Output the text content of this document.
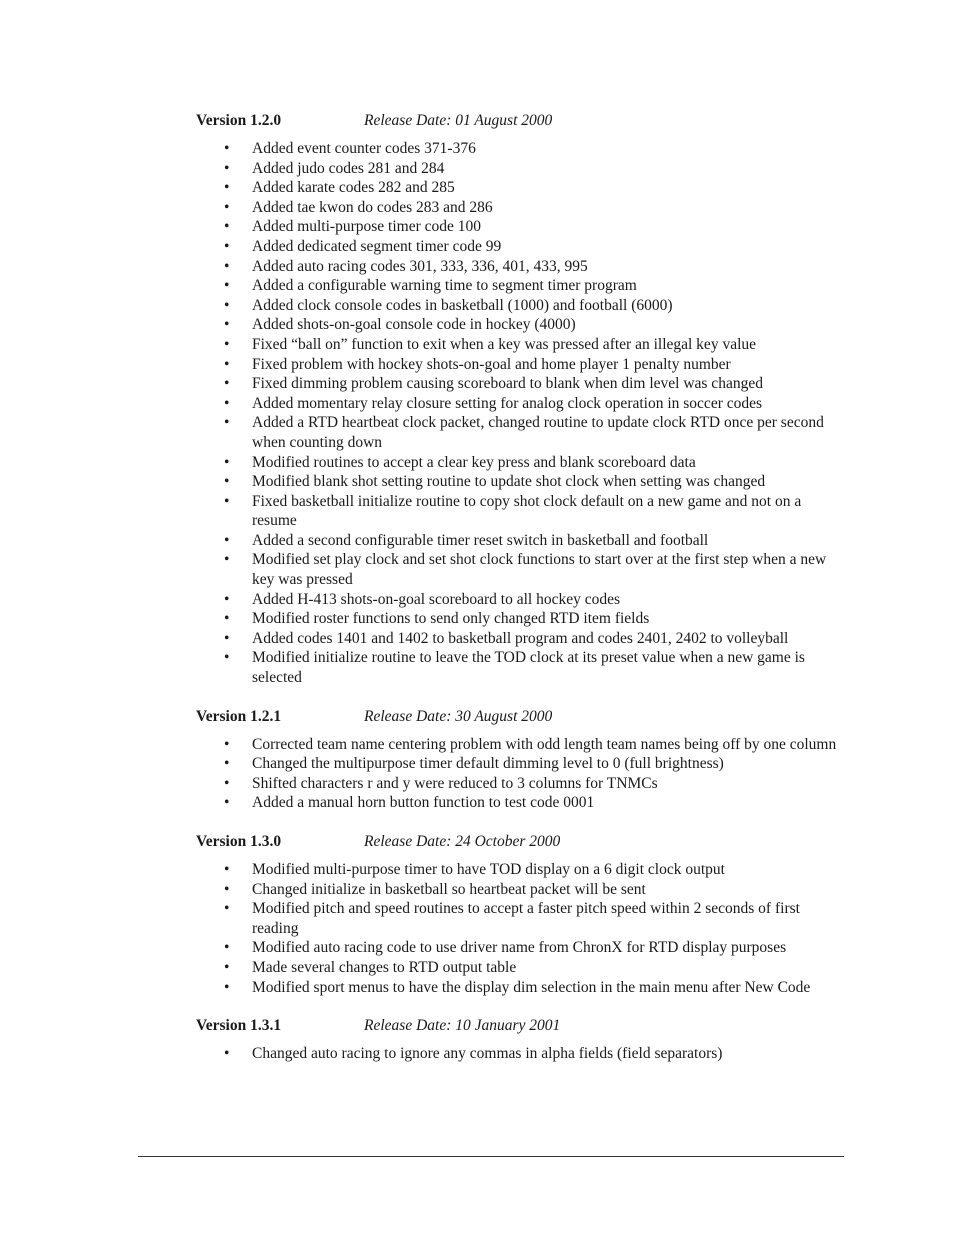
Version 1.2.0	Release Date: 01 August 2000
• Added event counter codes 371-376
• Added judo codes 281 and 284
• Added karate codes 282 and 285
• Added tae kwon do codes 283 and 286
• Added multi-purpose timer code 100
• Added dedicated segment timer code 99
• Added auto racing codes 301, 333, 336, 401, 433, 995
• Added a configurable warning time to segment timer program
• Added clock console codes in basketball (1000) and football (6000)
• Added shots-on-goal console code in hockey (4000)
• Fixed “ball on” function to exit when a key was pressed after an illegal key value
• Fixed problem with hockey shots-on-goal and home player 1 penalty number
• Fixed dimming problem causing scoreboard to blank when dim level was changed
• Added momentary relay closure setting for analog clock operation in soccer codes
• Added a RTD heartbeat clock packet, changed routine to update clock RTD once per second when counting down
• Modified routines to accept a clear key press and blank scoreboard data
• Modified blank shot setting routine to update shot clock when setting was changed
• Fixed basketball initialize routine to copy shot clock default on a new game and not on a resume
• Added a second configurable timer reset switch in basketball and football
• Modified set play clock and set shot clock functions to start over at the first step when a new key was pressed
• Added H-413 shots-on-goal scoreboard to all hockey codes
• Modified roster functions to send only changed RTD item fields
• Added codes 1401 and 1402 to basketball program and codes 2401, 2402 to volleyball
• Modified initialize routine to leave the TOD clock at its preset value when a new game is selected
Version 1.2.1	Release Date: 30 August 2000
• Corrected team name centering problem with odd length team names being off by one column
• Changed the multipurpose timer default dimming level to 0 (full brightness)
• Shifted characters r and y were reduced to 3 columns for TNMCs
• Added a manual horn button function to test code 0001
Version 1.3.0	Release Date: 24 October 2000
• Modified multi-purpose timer to have TOD display on a 6 digit clock output
• Changed initialize in basketball so heartbeat packet will be sent
• Modified pitch and speed routines to accept a faster pitch speed within 2 seconds of first reading
• Modified auto racing code to use driver name from ChronX for RTD display purposes
• Made several changes to RTD output table
• Modified sport menus to have the display dim selection in the main menu after New Code
Version 1.3.1	Release Date: 10 January 2001
• Changed auto racing to ignore any commas in alpha fields (field separators)
